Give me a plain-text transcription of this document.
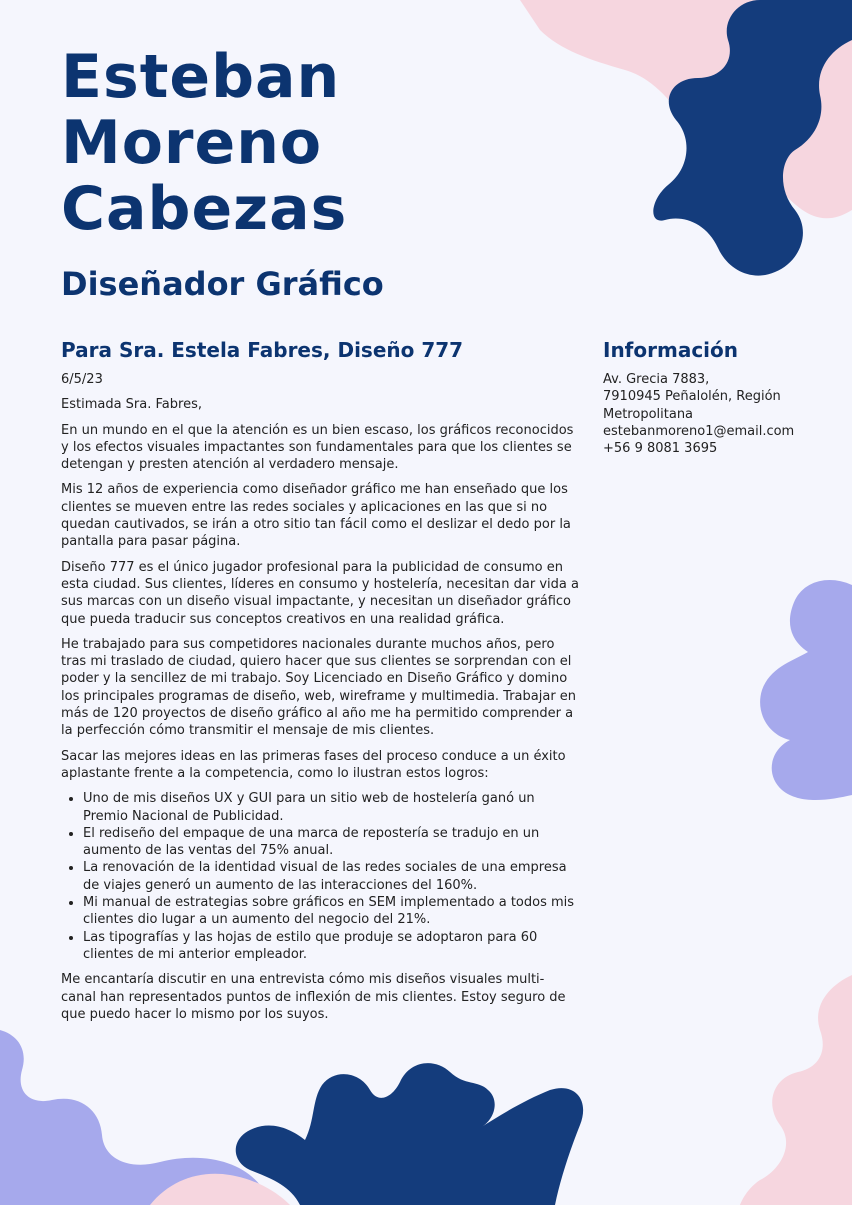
Esteban
Moreno
Cabezas
Diseñador Gráfico
Para Sra. Estela Fabres, Diseño 777

6/5/23

Estimada Sra. Fabres,

En un mundo en el que la atención es un bien escaso, los gráficos reconocidos y los efectos visuales impactantes son fundamentales para que los clientes se detengan y presten atención al verdadero mensaje.

Mis 12 años de experiencia como diseñador gráfico me han enseñado que los clientes se mueven entre las redes sociales y aplicaciones en las que si no quedan cautivados, se irán a otro sitio tan fácil como el deslizar el dedo por la pantalla para pasar página.

Diseño 777 es el único jugador profesional para la publicidad de consumo en esta ciudad. Sus clientes, líderes en consumo y hostelería, necesitan dar vida a sus marcas con un diseño visual impactante, y necesitan un diseñador gráfico que pueda traducir sus conceptos creativos en una realidad gráfica.

He trabajado para sus competidores nacionales durante muchos años, pero tras mi traslado de ciudad, quiero hacer que sus clientes se sorprendan con el poder y la sencillez de mi trabajo. Soy Licenciado en Diseño Gráfico y domino los principales programas de diseño, web, wireframe y multimedia. Trabajar en más de 120 proyectos de diseño gráfico al año me ha permitido comprender a la perfección cómo transmitir el mensaje de mis clientes.

Sacar las mejores ideas en las primeras fases del proceso conduce a un éxito aplastante frente a la competencia, como lo ilustran estos logros:

• Uno de mis diseños UX y GUI para un sitio web de hostelería ganó un Premio Nacional de Publicidad.
• El rediseño del empaque de una marca de repostería se tradujo en un aumento de las ventas del 75% anual.
• La renovación de la identidad visual de las redes sociales de una empresa de viajes generó un aumento de las interacciones del 160%.
• Mi manual de estrategias sobre gráficos en SEM implementado a todos mis clientes dio lugar a un aumento del negocio del 21%.
• Las tipografías y las hojas de estilo que produje se adoptaron para 60 clientes de mi anterior empleador.

Me encantaría discutir en una entrevista cómo mis diseños visuales multi-canal han representados puntos de inflexión de mis clientes. Estoy seguro de que puedo hacer lo mismo por los suyos.

Información
Av. Grecia 7883,
7910945 Peñalolén, Región
Metropolitana
estebanmoreno1@email.com
+56 9 8081 3695
